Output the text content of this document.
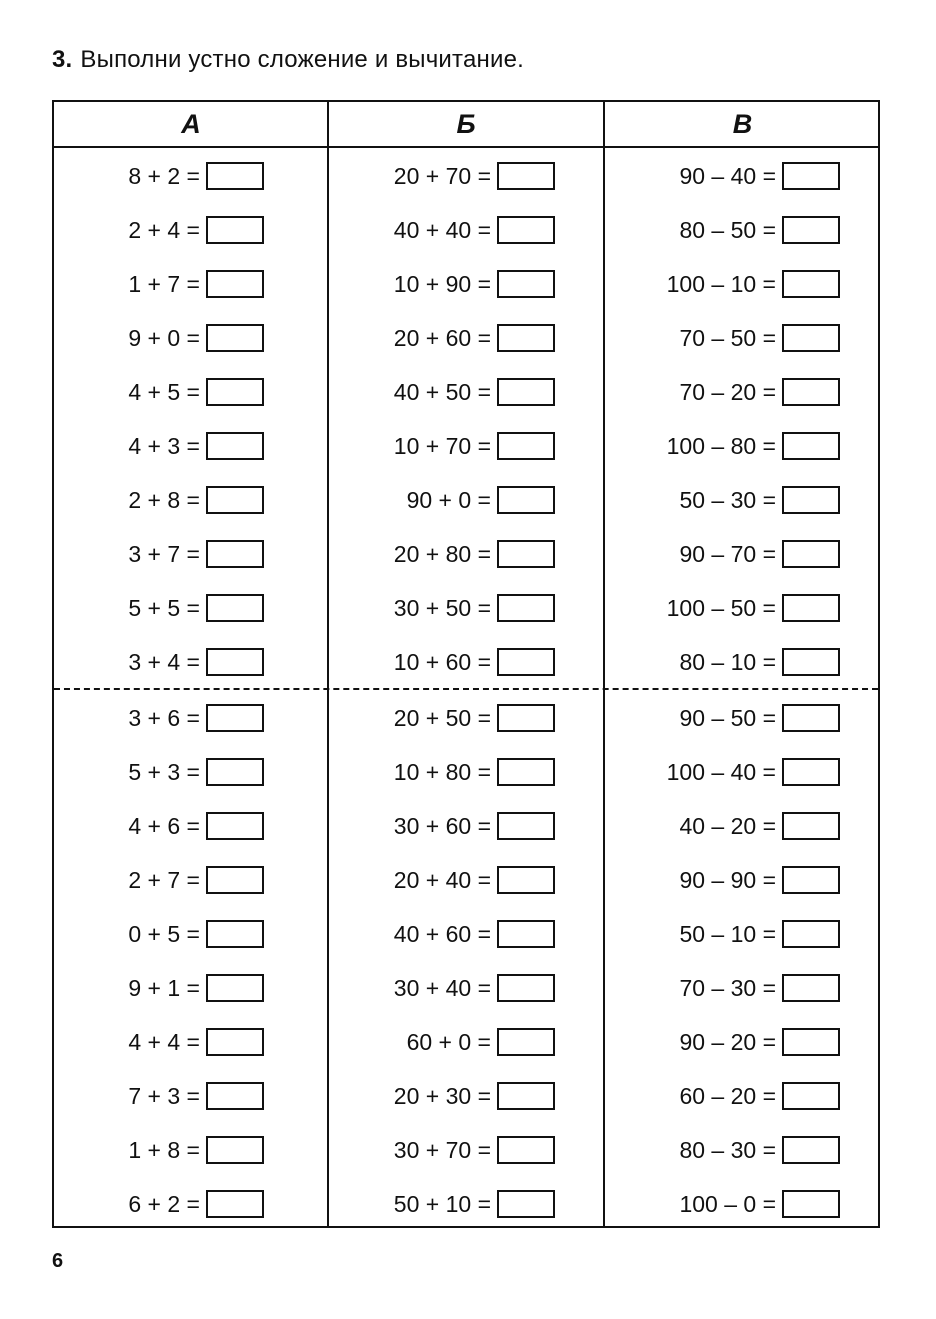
3. Выполни устно сложение и вычитание.
А	Б	В
8 + 2 =
2 + 4 =
1 + 7 =
9 + 0 =
4 + 5 =
4 + 3 =
2 + 8 =
3 + 7 =
5 + 5 =
3 + 4 =
3 + 6 =
5 + 3 =
4 + 6 =
2 + 7 =
0 + 5 =
9 + 1 =
4 + 4 =
7 + 3 =
1 + 8 =
6 + 2 =
20 + 70 =
40 + 40 =
10 + 90 =
20 + 60 =
40 + 50 =
10 + 70 =
90 + 0 =
20 + 80 =
30 + 50 =
10 + 60 =
20 + 50 =
10 + 80 =
30 + 60 =
20 + 40 =
40 + 60 =
30 + 40 =
60 + 0 =
20 + 30 =
30 + 70 =
50 + 10 =
90 – 40 =
80 – 50 =
100 – 10 =
70 – 50 =
70 – 20 =
100 – 80 =
50 – 30 =
90 – 70 =
100 – 50 =
80 – 10 =
90 – 50 =
100 – 40 =
40 – 20 =
90 – 90 =
50 – 10 =
70 – 30 =
90 – 20 =
60 – 20 =
80 – 30 =
100 – 0 =
6
